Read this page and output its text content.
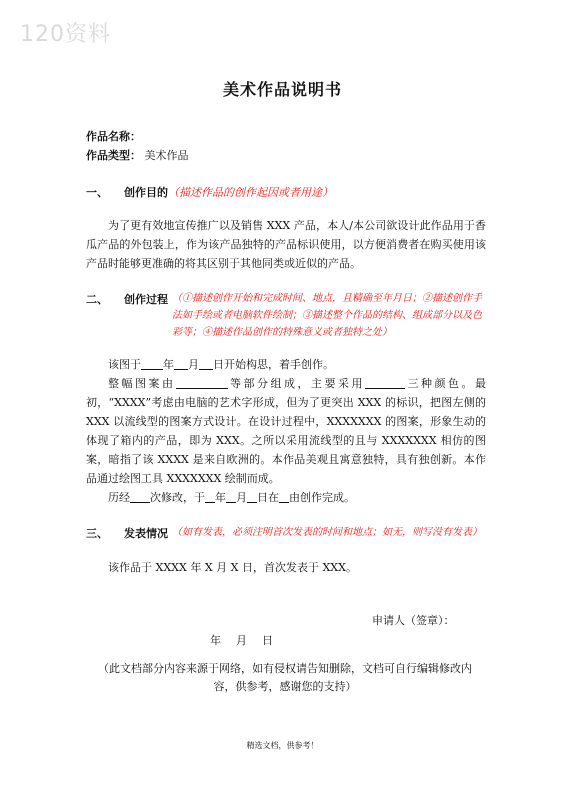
120资料
美术作品说明书
作品名称：
作品类型： 美术作品
一、 创作目的（描述作品的创作起因或者用途）

为了更有效地宣传推广以及销售 XXX 产品，本人/本公司欲设计此作品用于香瓜产品的外包装上，作为该产品独特的产品标识使用，以方便消费者在购买使用该产品时能够更准确的将其区别于其他同类或近似的产品。

二、 创作过程 （①描述创作开始和完成时间、地点，且精确至年月日；②描述创作手法如手绘或者电脑软件绘制；③描述整个作品的结构、组成部分以及色彩等；④描述作品创作的特殊意义或者独特之处）

该图于 年 月 日开始构思，着手创作。

整幅图案由	等部分组成，主要采用	三种颜色。最初，“XXXX”考虑由电脑的艺术字形成，但为了更突出 XXX 的标识，把图左侧的 XXX 以流线型的图案方式设计。在设计过程中，XXXXXXX 的图案，形象生动的体现了箱内的产品，即为 XXX。之所以采用流线型的且与 XXXXXXX 相仿的图案，暗指了该 XXXX 是来自欧洲的。本作品美观且寓意独特，具有独创新。本作品通过绘图工具 XXXXXXX 绘制而成。

历经 次修改，于 年 月 日在 由创作完成。

三、 发表情况 （如有发表，必须注明首次发表的时间和地点；如无，则写没有发表）

该作品于 XXXX 年 X 月 X 日，首次发表于 XXX。

申请人（签章）：
年　月　日
（此文档部分内容来源于网络，如有侵权请告知删除，文档可自行编辑修改内容，供参考，感谢您的支持）
精选文档，供参考！
